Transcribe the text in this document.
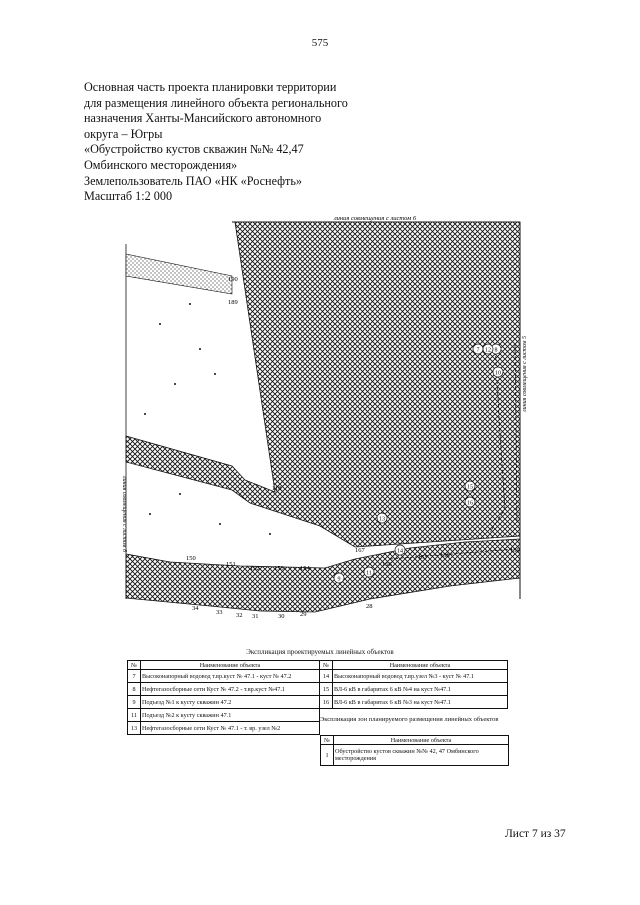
575
Основная часть проекта планировки территории
для размещения линейного объекта регионального
назначения Ханты-Мансийского автономного
округа – Югры
«Обустройство кустов скважин №№ 42,47
Омбинского месторождения»
Землепользователь ПАО «НК «Роснефть»
Масштаб 1:2 000
линия совмещения с листом 6
линия совмещения с листом 8
линия совмещения с листом 5
190
189
118
167
150
151
152 153	154
156
157 158
159
34
33 32 31	30 29
28
7	8
9
10
11
12
13
14
15
16
Экспликация проектируемых линейных объектов
№	Наименование объекта	№	Наименование объекта
7	Высоконапорный водовод т.вр.куст № 47.1 - куст № 47.2	14	Высоконапорный водовод т.вр.узел №3 - куст № 47.1
8	Нефтегазосборные сети Куст № 47.2 - т.вр.куст №47.1	15	ВЛ-6 кВ в габаритах 6 кВ №4 на куст №47.1
9	Подъезд №1 к кусту скважин 47.2	16	ВЛ-6 кВ в габаритах 6 кВ №3 на куст №47.1
11	Подъезд №2 к кусту скважин 47.1		
13	Нефтегазосборные сети Куст № 47.1 - т. вр. узел №2		
Экспликация зон планируемого размещения линейных объектов
№	Наименование объекта
1	Обустройство кустов скважин №№ 42, 47 Омбинского месторождения
Лист 7 из 37
